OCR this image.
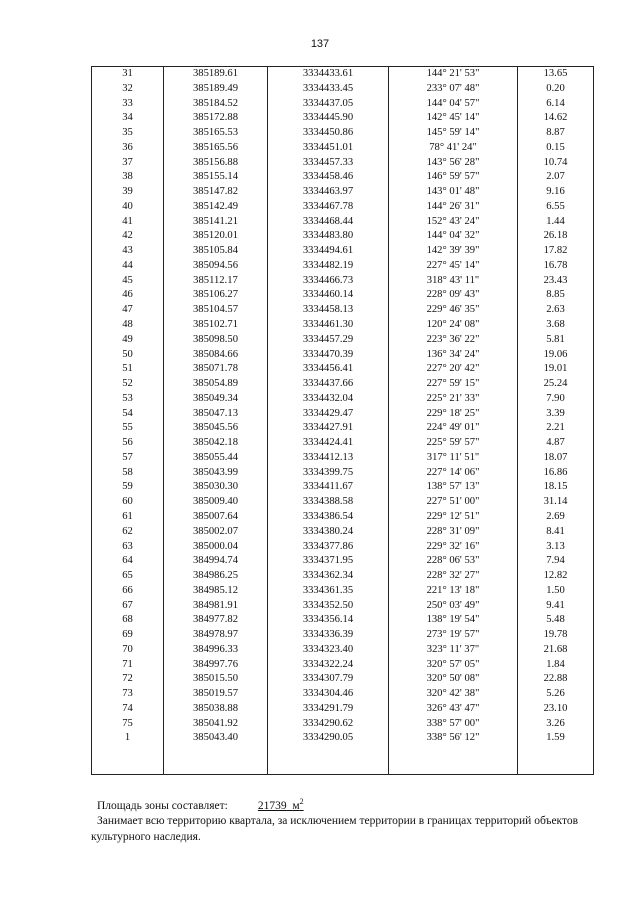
137
31	385189.61	3334433.61	144° 21' 53"	13.65
32	385189.49	3334433.45	233° 07' 48"	0.20
33	385184.52	3334437.05	144° 04' 57"	6.14
34	385172.88	3334445.90	142° 45' 14"	14.62
35	385165.53	3334450.86	145° 59' 14"	8.87
36	385165.56	3334451.01	78° 41' 24"	0.15
37	385156.88	3334457.33	143° 56' 28"	10.74
38	385155.14	3334458.46	146° 59' 57"	2.07
39	385147.82	3334463.97	143° 01' 48"	9.16
40	385142.49	3334467.78	144° 26' 31"	6.55
41	385141.21	3334468.44	152° 43' 24"	1.44
42	385120.01	3334483.80	144° 04' 32"	26.18
43	385105.84	3334494.61	142° 39' 39"	17.82
44	385094.56	3334482.19	227° 45' 14"	16.78
45	385112.17	3334466.73	318° 43' 11"	23.43
46	385106.27	3334460.14	228° 09' 43"	8.85
47	385104.57	3334458.13	229° 46' 35"	2.63
48	385102.71	3334461.30	120° 24' 08"	3.68
49	385098.50	3334457.29	223° 36' 22"	5.81
50	385084.66	3334470.39	136° 34' 24"	19.06
51	385071.78	3334456.41	227° 20' 42"	19.01
52	385054.89	3334437.66	227° 59' 15"	25.24
53	385049.34	3334432.04	225° 21' 33"	7.90
54	385047.13	3334429.47	229° 18' 25"	3.39
55	385045.56	3334427.91	224° 49' 01"	2.21
56	385042.18	3334424.41	225° 59' 57"	4.87
57	385055.44	3334412.13	317° 11' 51"	18.07
58	385043.99	3334399.75	227° 14' 06"	16.86
59	385030.30	3334411.67	138° 57' 13"	18.15
60	385009.40	3334388.58	227° 51' 00"	31.14
61	385007.64	3334386.54	229° 12' 51"	2.69
62	385002.07	3334380.24	228° 31' 09"	8.41
63	385000.04	3334377.86	229° 32' 16"	3.13
64	384994.74	3334371.95	228° 06' 53"	7.94
65	384986.25	3334362.34	228° 32' 27"	12.82
66	384985.12	3334361.35	221° 13' 18"	1.50
67	384981.91	3334352.50	250° 03' 49"	9.41
68	384977.82	3334356.14	138° 19' 54"	5.48
69	384978.97	3334336.39	273° 19' 57"	19.78
70	384996.33	3334323.40	323° 11' 37"	21.68
71	384997.76	3334322.24	320° 57' 05"	1.84
72	385015.50	3334307.79	320° 50' 08"	22.88
73	385019.57	3334304.46	320° 42' 38"	5.26
74	385038.88	3334291.79	326° 43' 47"	23.10
75	385041.92	3334290.62	338° 57' 00"	3.26
1	385043.40	3334290.05	338° 56' 12"	1.59

Площадь зоны составляет:	21739 $м^2$
Занимает всю территорию квартала, за исключением территории в границах территорий объектов культурного наследия.
